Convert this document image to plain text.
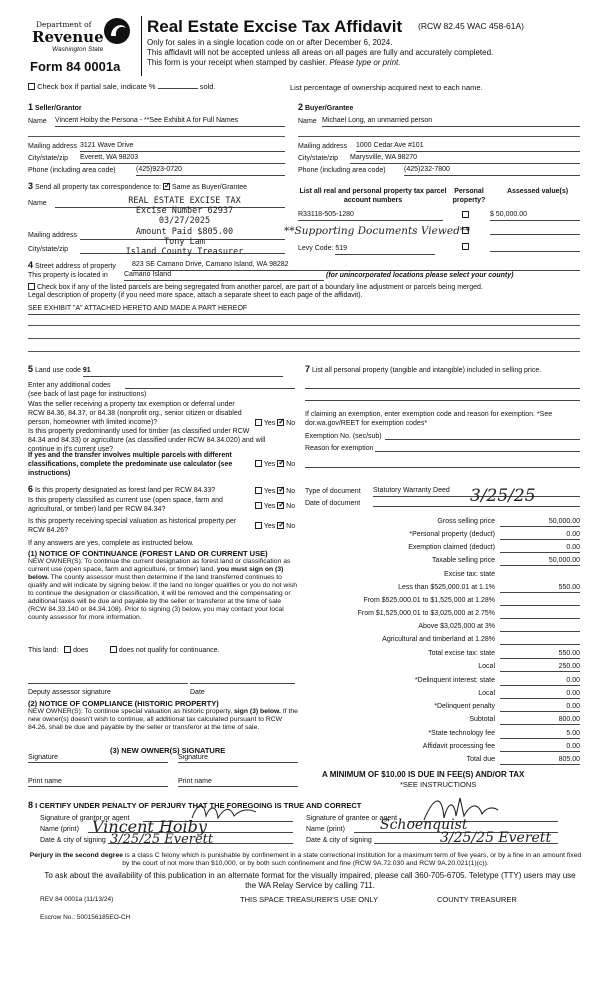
Department of
Revenue
Washington State
Form 84 0001a
Real Estate Excise Tax Affidavit (RCW 82.45 WAC 458-61A)
Only for sales in a single location code on or after December 6, 2024.
This affidavit will not be accepted unless all areas on all pages are fully and accurately completed.
This form is your receipt when stamped by cashier. Please type or print.
Check box if partial sale, indicate %	sold.	List percentage of ownership acquired next to each name.
1 Seller/Grantor
Name Vincent Hoiby the Persona - **See Exhibit A for Full Names
Mailing address 3121 Wave Drive
City/state/zip Everett, WA 98203
Phone (including area code)	(425)923-0720
2 Buyer/Grantee
Name Michael Long, an unmarried person
Mailing address 1000 Cedar Ave #101
City/state/zip Marysville, WA 98270
Phone (including area code)	(425)232-7800
3 Send all property tax correspondence to: ✓ Same as Buyer/Grantee
Name
Mailing address
City/state/zip
REAL ESTATE EXCISE TAX
Excise Number 62937
03/27/2025
Amount Paid $805.00
Tony Lam
Island County Treasurer
List all real and personal property tax parcel account numbers
Personal property?
Assessed value(s)
R33118-505-1280	$ 50,000.00
**Supporting Documents Viewed**
Levy Code: 519
4 Street address of property 823 SE Camano Drive, Camano Island, WA 98282
This property is located in Camano Island	(for unincorporated locations please select your county)
Check box if any of the listed parcels are being segregated from another parcel, are part of a boundary line adjustment or parcels being merged.
Legal description of property (if you need more space, attach a separate sheet to each page of the affidavit).
SEE EXHIBIT "A" ATTACHED HERETO AND MADE A PART HEREOF
5 Land use code 91
Enter any additional codes
(see back of last page for instructions)
Was the seller receiving a property tax exemption or deferral under RCW 84.36, 84.37, or 84.38 (nonprofit org., senior citizen or disabled person, homeowner with limited income)?	Yes ✓ No
Is this property predominantly used for timber (as classified under RCW 84.34 and 84.33) or agriculture (as classified under RCW 84.34.020) and will continue in it's current use?
If yes and the transfer involves multiple parcels with different classifications, complete the predominate use calculator (see instructions)
Yes ✓ No
6 Is this property designated as forest land per RCW 84.33?	Yes ✓ No
Is this property classified as current use (open space, farm and agricultural, or timber) land per RCW 84.34?	Yes ✓ No
Is this property receiving special valuation as historical property per RCW 84.26?
Yes ✓ No
If any answers are yes, complete as instructed below.
(1) NOTICE OF CONTINUANCE (FOREST LAND OR CURRENT USE)
NEW OWNER(S): To continue the current designation as forest land or classification as current use (open space, farm and agriculture, or timber) land, you must sign on (3) below. The county assessor must then determine if the land transferred continues to qualify and will indicate by signing below. If the land no longer qualifies or you do not wish to continue the designation or classification, it will be removed and the compensating or additional taxes will be due and payable by the seller or transferor at the time of sale (RCW 84.33.140 or 84.34.108). Prior to signing (3) below, you may contact your local county assessor for more information.
This land: does	does not qualify for continuance.
Deputy assessor signature	Date
(2) NOTICE OF COMPLIANCE (HISTORIC PROPERTY)
NEW OWNER(S): To continue special valuation as historic property, sign (3) below. If the new owner(s) doesn't wish to continue, all additional tax calculated pursuant to RCW 84.26, shall be due and payable by the seller or transferor at the time of sale.
(3) NEW OWNER(S) SIGNATURE
Signature	Signature
Print name	Print name
7 List all personal property (tangible and intangible) included in selling price.
If claiming an exemption, enter exemption code and reason for exemption. *See dor.wa.gov/REET for exemption codes*
Exemption No. (sec/sub)
Reason for exemption
Type of document Statutory Warranty Deed
Date of document	3/25/25
Gross selling price	50,000.00
*Personal property (deduct)	0.00
Exemption claimed (deduct)	0.00
Taxable selling price	50,000.00
Excise tax: state
Less than $525,000.01 at 1.1%	550.00
From $525,000.01 to $1,525,000 at 1.28%
From $1,525,000.01 to $3,025,000 at 2.75%
Above $3,025,000 at 3%
Agricultural and timberland at 1.28%
Total excise tax: state	550.00
Local	250.00
*Delinquent interest: state	0.00
Local	0.00
*Delinquent penalty	0.00
Subtotal	800.00
*State technology fee	5.00
Affidavit processing fee	0.00
Total due	805.00
A MINIMUM OF $10.00 IS DUE IN FEE(S) AND/OR TAX
*SEE INSTRUCTIONS
8 I CERTIFY UNDER PENALTY OF PERJURY THAT THE FOREGOING IS TRUE AND CORRECT
Signature of grantor or agent
Name (print)
Date & city of signing
Vincent Hoiby
3/25/25 Everett
Signature of grantee or agent
Name (print)
Date & city of signing
Schoenquist
3/25/25 Everett
Perjury in the second degree is a class C felony which is punishable by confinement in a state correctional institution for a maximum term of five years, or by a fine in an amount fixed by the court of not more than $10,000, or by both such confinement and fine (RCW 9A.72.030 and RCW 9A.20.021(1)(c)).
To ask about the availability of this publication in an alternate format for the visually impaired, please call 360-705-6705. Teletype (TTY) users may use the WA Relay Service by calling 711.
REV 84 0001a (11/13/24)	THIS SPACE TREASURER'S USE ONLY	COUNTY TREASURER
Escrow No.: 500156185EO-CH
